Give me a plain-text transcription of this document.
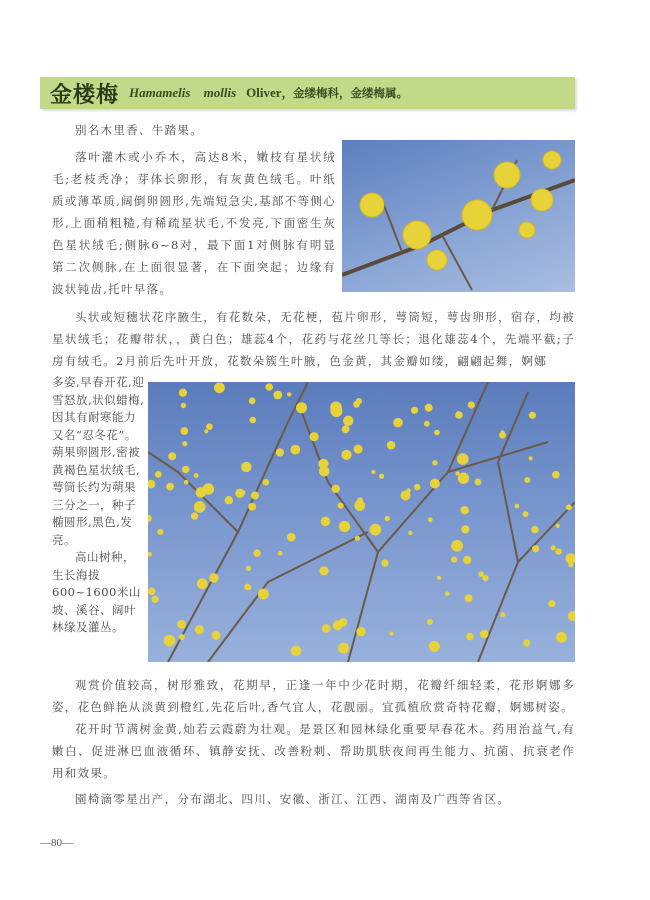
金楼梅 Hamamelis mollis Oliver ，金缕梅科，金缕梅属。

别名木里香、牛踏果。

落叶灌木或小乔木，高达8米，嫩枝有星状绒毛;老枝秃净；芽体长卵形，有灰黄色绒毛。叶纸质或薄革质,阔倒卵圆形,先端短急尖,基部不等侧心形,上面稍粗糙,有稀疏星状毛,不发亮,下面密生灰色星状绒毛;侧脉6~8对，最下面1对侧脉有明显第二次侧脉,在上面很显著，在下面突起；边缘有波状钝齿,托叶早落。

头状或短穗状花序腋生，有花数朵，无花梗，苞片卵形，萼筒短，萼齿卵形，宿存，均被星状绒毛；花瓣带状，，黄白色；雄蕊4个，花药与花丝几等长；退化雄蕊4个，先端平截;子房有绒毛。2月前后先叶开放，花数朵簇生叶腋，色金黄，其金瓣如缕，翩翩起舞，婀娜

多姿,早春开花,迎雪怒放,状似蜡梅,因其有耐寒能力又名“忍冬花”。蒴果卵圆形,密被黄褐色星状绒毛,萼筒长约为蒴果三分之一，种子椭圆形,黑色,发亮。

高山树种，生长海拔600~1600米山坡、溪谷、阔叶林缘及灌丛。

观赏价值较高，树形雅致，花期早，正逢一年中少花时期，花瓣纤细轻柔，花形婀娜多姿，花色鲜艳从淡黄到橙红,先花后叶,香气宜人，花靓丽。宜孤植欣赏奇特花瓣，婀娜树姿。

花开时节满树金黄,灿若云霞蔚为壮观。是景区和园林绿化重要早春花木。药用治益气,有嫩白、促进淋巴血液循环、镇静安抚、改善粉刺、帮助肌肤夜间再生能力、抗菌、抗衰老作用和效果。

園椅滴零星出产，分布湖北、四川、安徽、浙江、江西、湖南及广西等省区。

—80—
